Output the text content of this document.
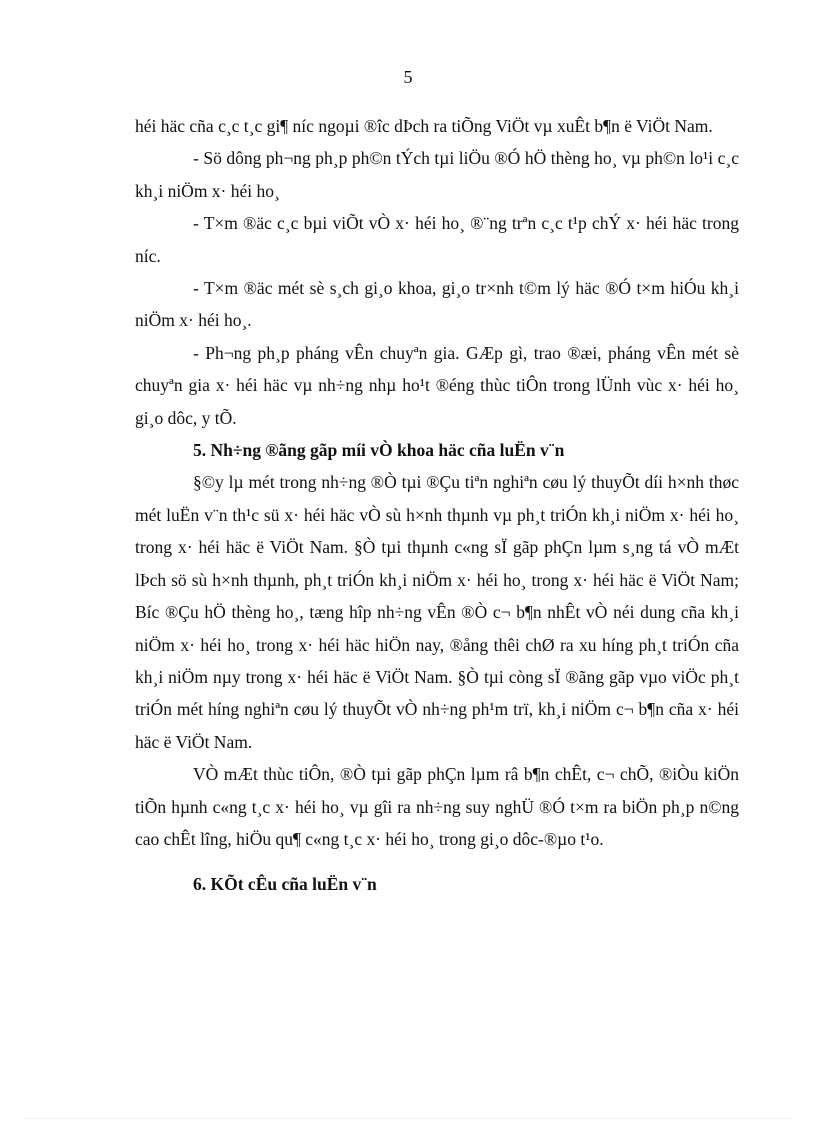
5

héi häc cña c¸c t¸c gi¶ níc ngoµi ®îc dÞch ra tiÕng ViÖt vµ xuÊt b¶n ë ViÖt Nam.

- Sö dông ph¬ng ph¸p ph©n tÝch tµi liÖu ®Ó hÖ thèng ho¸ vµ ph©n lo¹i c¸c kh¸i niÖm x· héi ho¸

- T×m ®äc c¸c bµi viÕt vÒ x· héi ho¸ ®¨ng trªn c¸c t¹p chÝ x· héi häc trong níc.

- T×m ®äc mét sè s¸ch gi¸o khoa, gi¸o tr×nh t©m lý häc ®Ó t×m hiÓu kh¸i niÖm x· héi ho¸.

- Ph¬ng ph¸p pháng vÊn chuyªn gia. GÆp gì, trao ®æi, pháng vÊn mét sè chuyªn gia x· héi häc vµ nh÷ng nhµ ho¹t ®éng thùc tiÔn trong lÜnh vùc x· héi ho¸ gi¸o dôc, y tÕ.

5. Nh÷ng ®ãng gãp míi vÒ khoa häc cña luËn v¨n

§©y lµ mét trong nh÷ng ®Ò tµi ®Çu tiªn nghiªn cøu lý thuyÕt díi h×nh thøc mét luËn v¨n th¹c sü x· héi häc vÒ sù h×nh thµnh vµ ph¸t triÓn kh¸i niÖm x· héi ho¸ trong x· héi häc ë ViÖt Nam. §Ò tµi thµnh c«ng sÏ gãp phÇn lµm s¸ng tá vÒ mÆt lÞch sö sù h×nh thµnh, ph¸t triÓn kh¸i niÖm x· héi ho¸ trong x· héi häc ë ViÖt Nam; Bíc ®Çu hÖ thèng ho¸, tæng hîp nh÷ng vÊn ®Ò c¬ b¶n nhÊt vÒ néi dung cña kh¸i niÖm x· héi ho¸ trong x· héi häc hiÖn nay, ®ång thêi chØ ra xu híng ph¸t triÓn cña kh¸i niÖm nµy trong x· héi häc ë ViÖt Nam. §Ò tµi còng sÏ ®ãng gãp vµo viÖc ph¸t triÓn mét híng nghiªn cøu lý thuyÕt vÒ nh÷ng ph¹m trï, kh¸i niÖm c¬ b¶n cña x· héi häc ë ViÖt Nam.

VÒ mÆt thùc tiÔn, ®Ò tµi gãp phÇn lµm râ b¶n chÊt, c¬ chÕ, ®iÒu kiÖn tiÕn hµnh c«ng t¸c x· héi ho¸ vµ gîi ra nh÷ng suy nghÜ ®Ó t×m ra biÖn ph¸p n©ng cao chÊt lîng, hiÖu qu¶ c«ng t¸c x· héi ho¸ trong gi¸o dôc-®µo t¹o.

6. KÕt cÊu cña luËn v¨n
